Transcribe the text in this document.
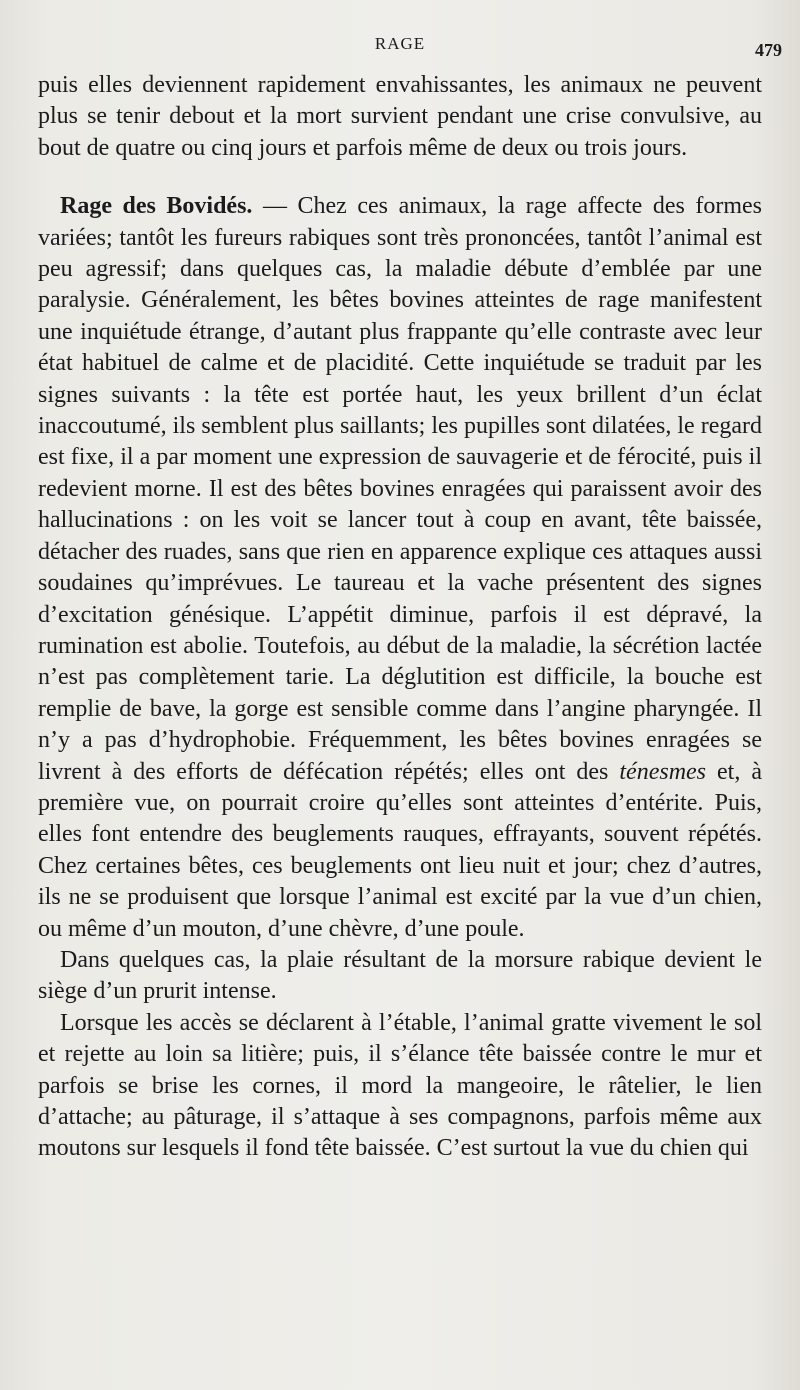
RAGE	479

puis elles deviennent rapidement envahissantes, les animaux ne peuvent plus se tenir debout et la mort survient pendant une crise convulsive, au bout de quatre ou cinq jours et parfois même de deux ou trois jours.

Rage des Bovidés. — Chez ces animaux, la rage affecte des formes variées; tantôt les fureurs rabiques sont très prononcées, tantôt l’animal est peu agressif; dans quelques cas, la maladie débute d’emblée par une paralysie. Généralement, les bêtes bovines atteintes de rage manifestent une inquiétude étrange, d’autant plus frappante qu’elle contraste avec leur état habituel de calme et de placidité. Cette inquiétude se traduit par les signes suivants : la tête est portée haut, les yeux brillent d’un éclat inaccoutumé, ils semblent plus saillants; les pupilles sont dilatées, le regard est fixe, il a par moment une expression de sauvagerie et de férocité, puis il redevient morne. Il est des bêtes bovines enragées qui paraissent avoir des hallucinations : on les voit se lancer tout à coup en avant, tête baissée, détacher des ruades, sans que rien en apparence explique ces attaques aussi soudaines qu’imprévues. Le taureau et la vache présentent des signes d’excitation génésique. L’appétit diminue, parfois il est dépravé, la rumination est abolie. Toutefois, au début de la maladie, la sécrétion lactée n’est pas complètement tarie. La déglutition est difficile, la bouche est remplie de bave, la gorge est sensible comme dans l’angine pharyngée. Il n’y a pas d’hydrophobie. Fréquemment, les bêtes bovines enragées se livrent à des efforts de défécation répétés; elles ont des ténesmes et, à première vue, on pourrait croire qu’elles sont atteintes d’entérite. Puis, elles font entendre des beuglements rauques, effrayants, souvent répétés. Chez certaines bêtes, ces beuglements ont lieu nuit et jour; chez d’autres, ils ne se produisent que lorsque l’animal est excité par la vue d’un chien, ou même d’un mouton, d’une chèvre, d’une poule.

Dans quelques cas, la plaie résultant de la morsure rabique devient le siège d’un prurit intense.

Lorsque les accès se déclarent à l’étable, l’animal gratte vivement le sol et rejette au loin sa litière; puis, il s’élance tête baissée contre le mur et parfois se brise les cornes, il mord la mangeoire, le râtelier, le lien d’attache; au pâturage, il s’attaque à ses compagnons, parfois même aux moutons sur lesquels il fond tête baissée. C’est surtout la vue du chien qui
